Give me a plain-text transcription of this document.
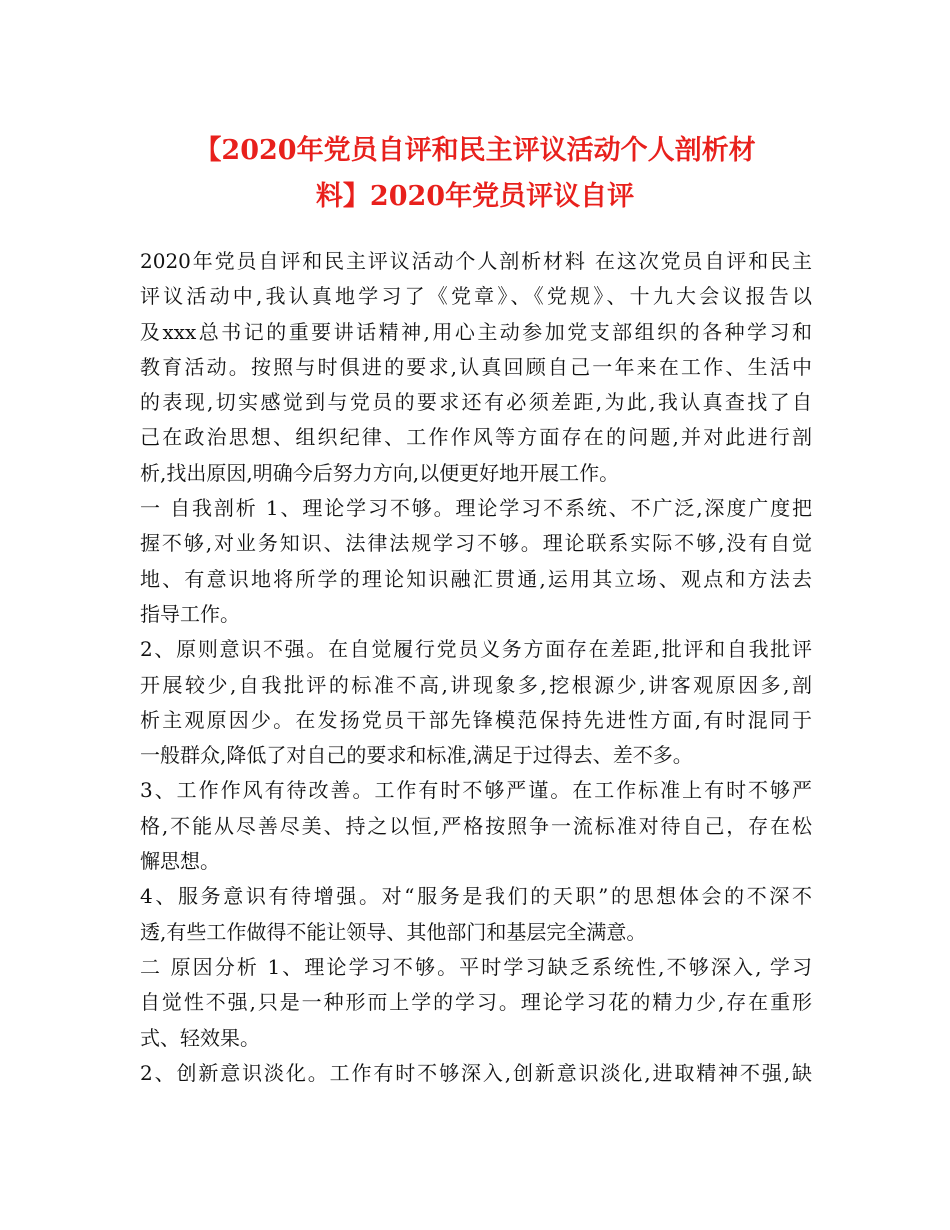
【2020年党员自评和民主评议活动个人剖析材
料】2020年党员评议自评
2020年党员自评和民主评议活动个人剖析材料 在这次党员自评和民主
评议活动中,我认真地学习了《党章》、《党规》、十九大会议报告以
及xxx总书记的重要讲话精神,用心主动参加党支部组织的各种学习和
教育活动。按照与时俱进的要求,认真回顾自己一年来在工作、生活中
的表现,切实感觉到与党员的要求还有必须差距,为此,我认真查找了自
己在政治思想、组织纪律、工作作风等方面存在的问题,并对此进行剖
析,找出原因,明确今后努力方向,以便更好地开展工作。
一 自我剖析 1、理论学习不够。理论学习不系统、不广泛,深度广度把
握不够,对业务知识、法律法规学习不够。理论联系实际不够,没有自觉
地、有意识地将所学的理论知识融汇贯通,运用其立场、观点和方法去
指导工作。
2、原则意识不强。在自觉履行党员义务方面存在差距,批评和自我批评
开展较少,自我批评的标准不高,讲现象多,挖根源少,讲客观原因多,剖
析主观原因少。在发扬党员干部先锋模范保持先进性方面,有时混同于
一般群众,降低了对自己的要求和标准,满足于过得去、差不多。
3、工作作风有待改善。工作有时不够严谨。在工作标准上有时不够严
格,不能从尽善尽美、持之以恒,严格按照争一流标准对待自己，存在松
懈思想。
4、服务意识有待增强。对“服务是我们的天职”的思想体会的不深不
透,有些工作做得不能让领导、其他部门和基层完全满意。
二 原因分析 1、理论学习不够。平时学习缺乏系统性,不够深入, 学习
自觉性不强,只是一种形而上学的学习。理论学习花的精力少,存在重形
式、轻效果。
2、创新意识淡化。工作有时不够深入,创新意识淡化,进取精神不强,缺
